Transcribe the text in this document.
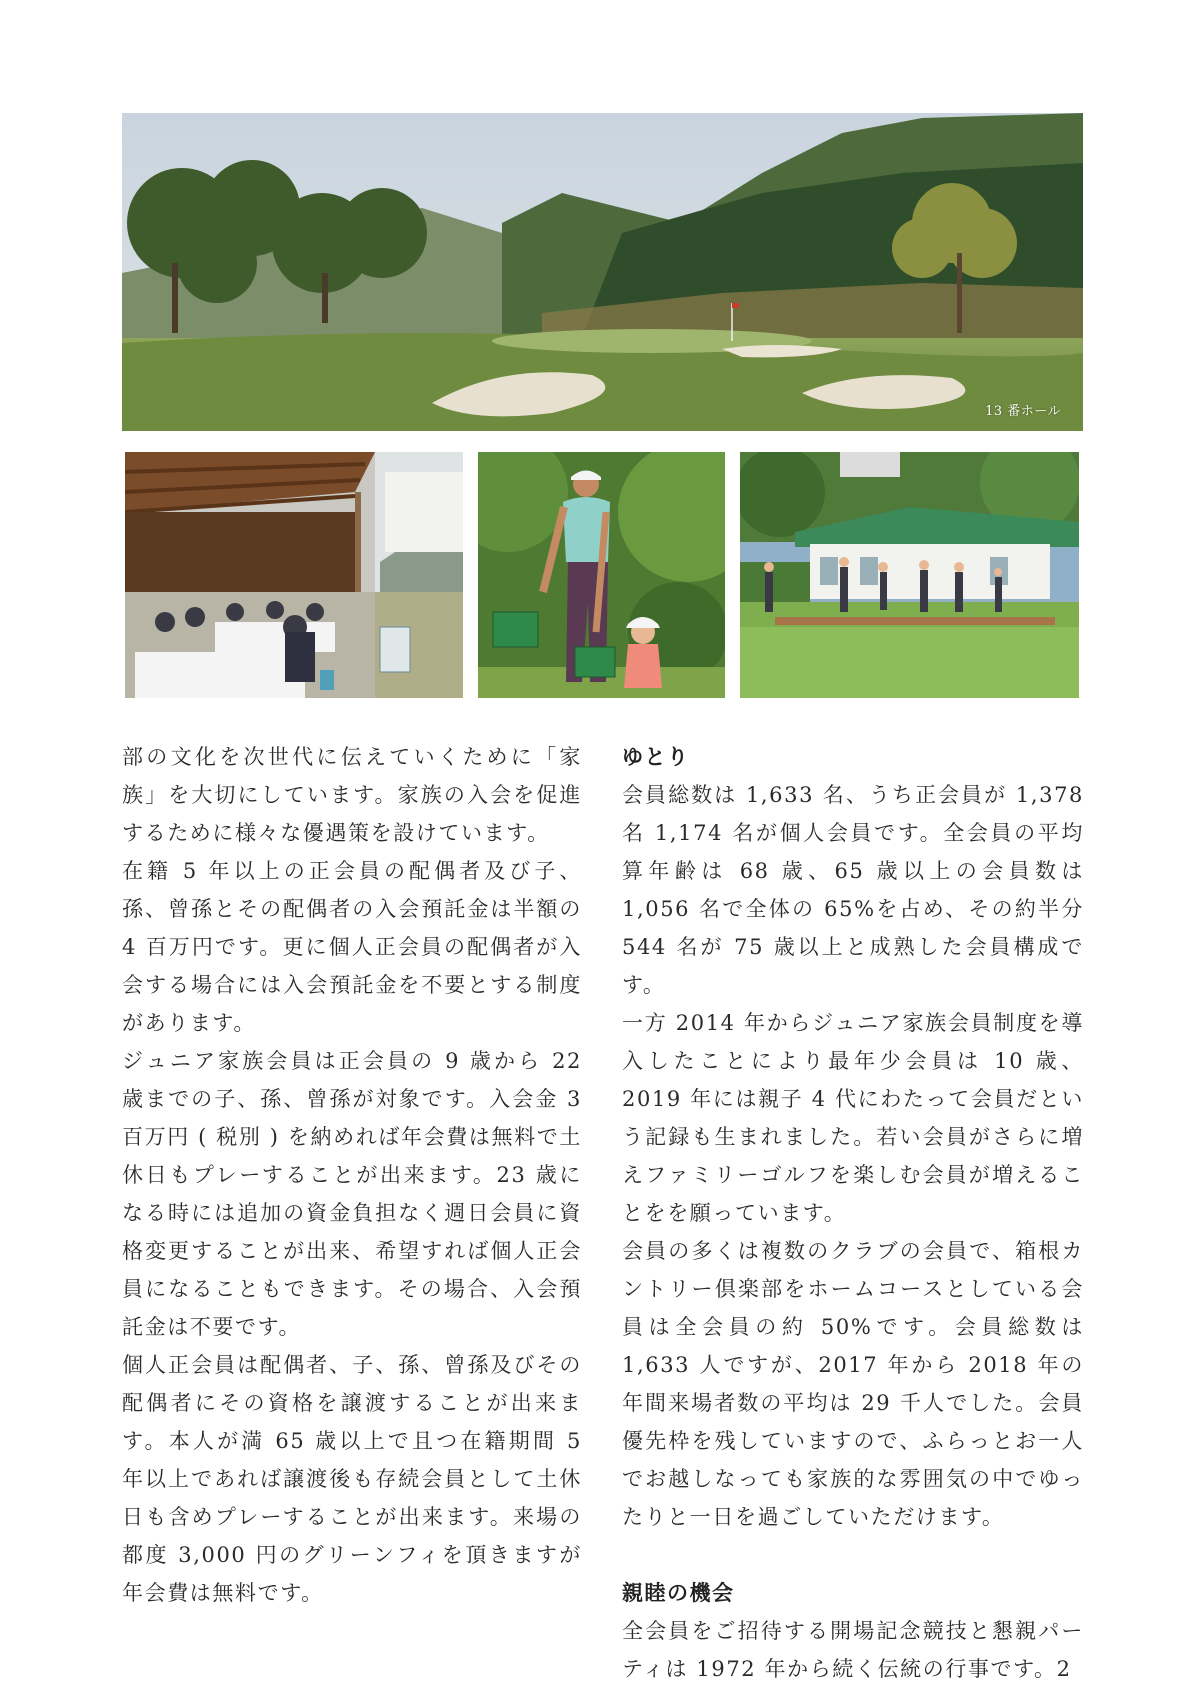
13 番ホール

部の文化を次世代に伝えていくために「家族」を大切にしています。家族の入会を促進するために様々な優遇策を設けています。

在籍 5 年以上の正会員の配偶者及び子、孫、曾孫とその配偶者の入会預託金は半額の 4 百万円です。更に個人正会員の配偶者が入会する場合には入会預託金を不要とする制度があります。

ジュニア家族会員は正会員の 9 歳から 22 歳までの子、孫、曾孫が対象です。入会金 3 百万円 ( 税別 ) を納めれば年会費は無料で土休日もプレーすることが出来ます。23 歳になる時には追加の資金負担なく週日会員に資格変更することが出来、希望すれば個人正会員になることもできます。その場合、入会預託金は不要です。

個人正会員は配偶者、子、孫、曾孫及びその配偶者にその資格を譲渡することが出来ます。本人が満 65 歳以上で且つ在籍期間 5 年以上であれば譲渡後も存続会員として土休日も含めプレーすることが出来ます。来場の都度 3,000 円のグリーンフィを頂きますが年会費は無料です。

ゆとり

会員総数は 1,633 名、うち正会員が 1,378 名 1,174 名が個人会員です。全会員の平均算年齢は 68 歳、65 歳以上の会員数は 1,056 名で全体の 65%を占め、その約半分 544 名が 75 歳以上と成熟した会員構成です。

一方 2014 年からジュニア家族会員制度を導入したことにより最年少会員は 10 歳、2019 年には親子 4 代にわたって会員だという記録も生まれました。若い会員がさらに増えファミリーゴルフを楽しむ会員が増えることをを願っています。

会員の多くは複数のクラブの会員で、箱根カントリー倶楽部をホームコースとしている会員は全会員の約 50%です。会員総数は 1,633 人ですが、2017 年から 2018 年の年間来場者数の平均は 29 千人でした。会員優先枠を残していますので、ふらっとお一人でお越しなっても家族的な雰囲気の中でゆったりと一日を過ごしていただけます。

親睦の機会

全会員をご招待する開場記念競技と懇親パーティは 1972 年から続く伝統の行事です。2
